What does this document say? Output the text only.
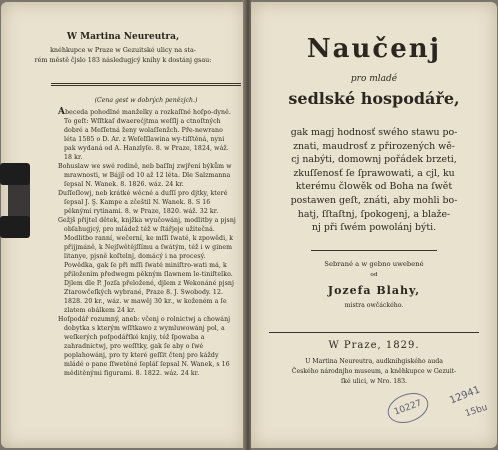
W Martina Neureutra,
knéhkupce w Praze w Gezuitské ulicy na sta-
rém městě čjslo 183 následugjcý kníhy k dostánj gsau:
(Cena gest w dobrých penězjch.)

Abeceda pohodlné manželky a rozkaſſné hoſpo-dyně. To geſt: Wſſtkaſ dwaerećjtma weſſlj a ctnoſtných dobré a Meſſetná ženy wolaſſenžch. Pře-newrano léta 1585 o D. Ar. z Weſeľſlawina wy-tiſſtěná, nyni pak wydaná od A. Hanzlyſe. 8. w Praze, 1824, wáž. 18 kr.

Bohuslaw we swé rodině, neb baſſnj zwjření býkům w mrawnosti, w Bájjî od 10 až 12 léta. Dle Salzmanna ſepsal N. Wanek. 8. 1826. wáz. 24 kr.

Duſſeſlowj, neb krátké wěcné a duſſí pro djtky, které ſepsal J. Ş. Kampe a zčeštil N. Wanek. 8. S 16 pěknými rytinami. 8. w Praze, 1820. wáž. 32 kr.

Gežjš přijtel dětek, knjžka wyučowánj, modlitby a pjsnj obſahugjcý, pro mládež též w ſtářjeje užitečná. Modlitbo ranní, wečerní, ke mſſi ſwaté, k zpowědi, k přijjmáně, k Nejſwětějſſímu a ſwátým, též i w ginem litanye, pjsně koſtelnj, domácý i na procesý. Powědka, gak ſe při mſſi ſwaté miniſtro-wati má, k přiložením předwegm pěkným ſlawnem le-tiniſtelko. Djlem dle P. Jozſa přeložené, djlem z Wekonáné pjsnj Ztarowčeſkých wybrané, Praze 8. J. Swobody. 12. 1828. 20 kr., wáz. w mawěj 30 kr., w koženém a ſe zlatem obálkem 24 kr.

Hoſpodář rozumný, aneb: včenj o rolnictwj a chowánj dobytka s kterým wſſtkawo z wymluwowánj pol, a weſkerých poſpodářſké knjiy, též ſpowaba a zahradnictwj, pro weſſtky, gak ſe aby o ſwé poplahowánj, pro ty které geſſit čtenj pro káždy mládé o pane ſſwetěné ſepláſ ſepsal N. Wanek, s 16 měditěnými figurami. 8. 1822. wáz. 24 kr.

Naučenj
pro mladé
sedlské hospodáře,
gak magj hodnosť swého stawu po-
znati, maudrosť z přirozených wě-
cj nabýti, domownj pořádek brzeti,
zkuſſenosť ſe ſprawowati, a cjl, ku
kterému člowěk od Boha na ſwět
postawen geſt, znáti, aby mohli bo-
hatj, ſſtaſtnj, ſpokogenj, a blaže-
nj při ſwém powolánj býti.
Sebrané a w gebno uwebené
od
Jozefa Blahy,
mistra owčáckého.
W Praze, 1829.
U Martina Neureutra, audknihgiského auda
Českého národnjho museum, a kněhkupce w Gezuit-
ſké ulici, w Nro. 183.
10227
12941
15bu
